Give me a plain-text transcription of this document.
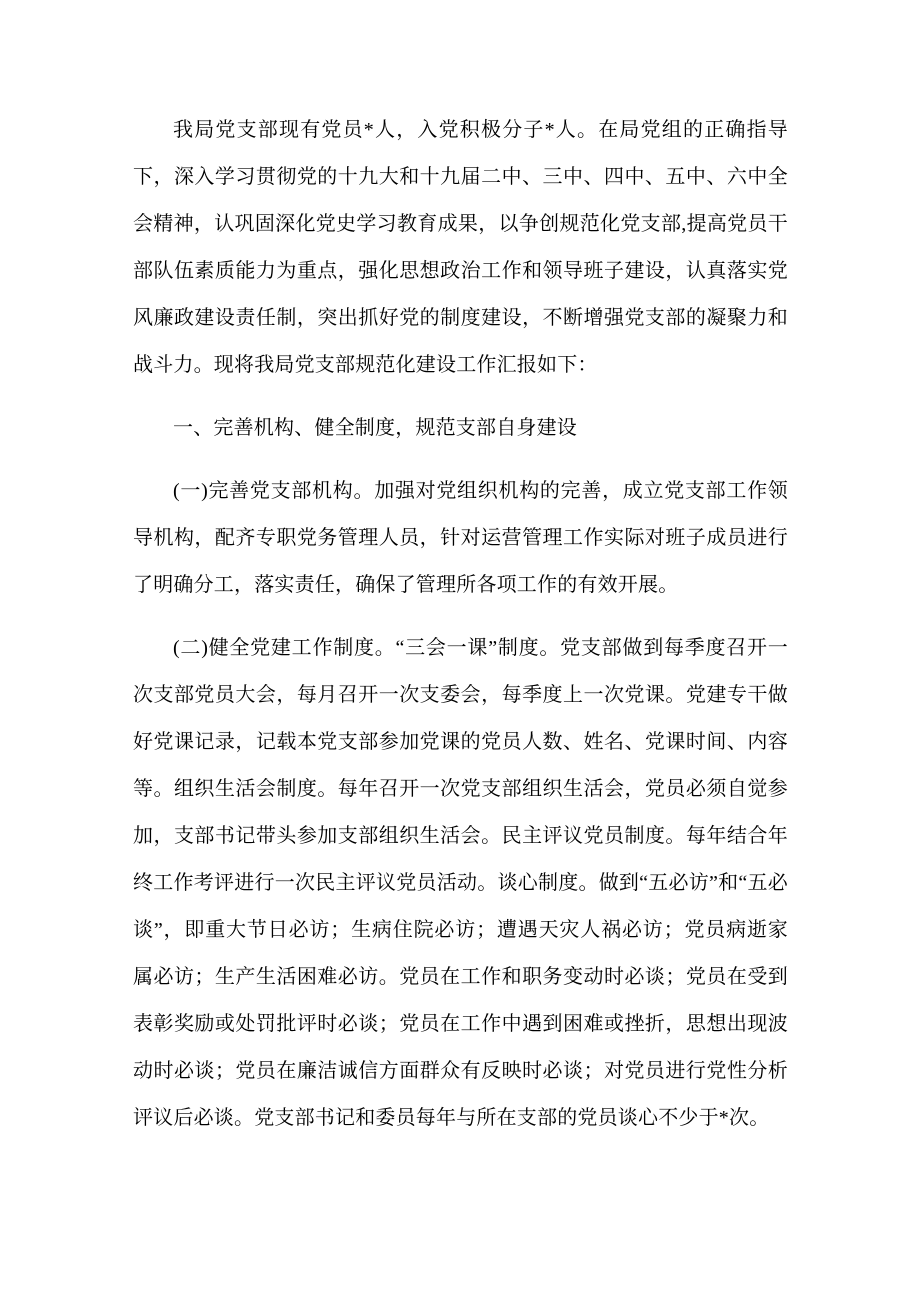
我局党支部现有党员*人，入党积极分子*人。在局党组的正确指导下，深入学习贯彻党的十九大和十九届二中、三中、四中、五中、六中全会精神，认巩固深化党史学习教育成果，以争创规范化党支部,提高党员干部队伍素质能力为重点，强化思想政治工作和领导班子建设，认真落实党风廉政建设责任制，突出抓好党的制度建设，不断增强党支部的凝聚力和战斗力。现将我局党支部规范化建设工作汇报如下：

一、完善机构、健全制度，规范支部自身建设

(一)完善党支部机构。加强对党组织机构的完善，成立党支部工作领导机构，配齐专职党务管理人员，针对运营管理工作实际对班子成员进行了明确分工，落实责任，确保了管理所各项工作的有效开展。

(二)健全党建工作制度。“三会一课”制度。党支部做到每季度召开一次支部党员大会，每月召开一次支委会，每季度上一次党课。党建专干做好党课记录，记载本党支部参加党课的党员人数、姓名、党课时间、内容等。组织生活会制度。每年召开一次党支部组织生活会，党员必须自觉参加，支部书记带头参加支部组织生活会。民主评议党员制度。每年结合年终工作考评进行一次民主评议党员活动。谈心制度。做到“五必访”和“五必谈”，即重大节日必访；生病住院必访；遭遇天灾人祸必访；党员病逝家属必访；生产生活困难必访。党员在工作和职务变动时必谈；党员在受到表彰奖励或处罚批评时必谈；党员在工作中遇到困难或挫折，思想出现波动时必谈；党员在廉洁诚信方面群众有反映时必谈；对党员进行党性分析评议后必谈。党支部书记和委员每年与所在支部的党员谈心不少于*次。
